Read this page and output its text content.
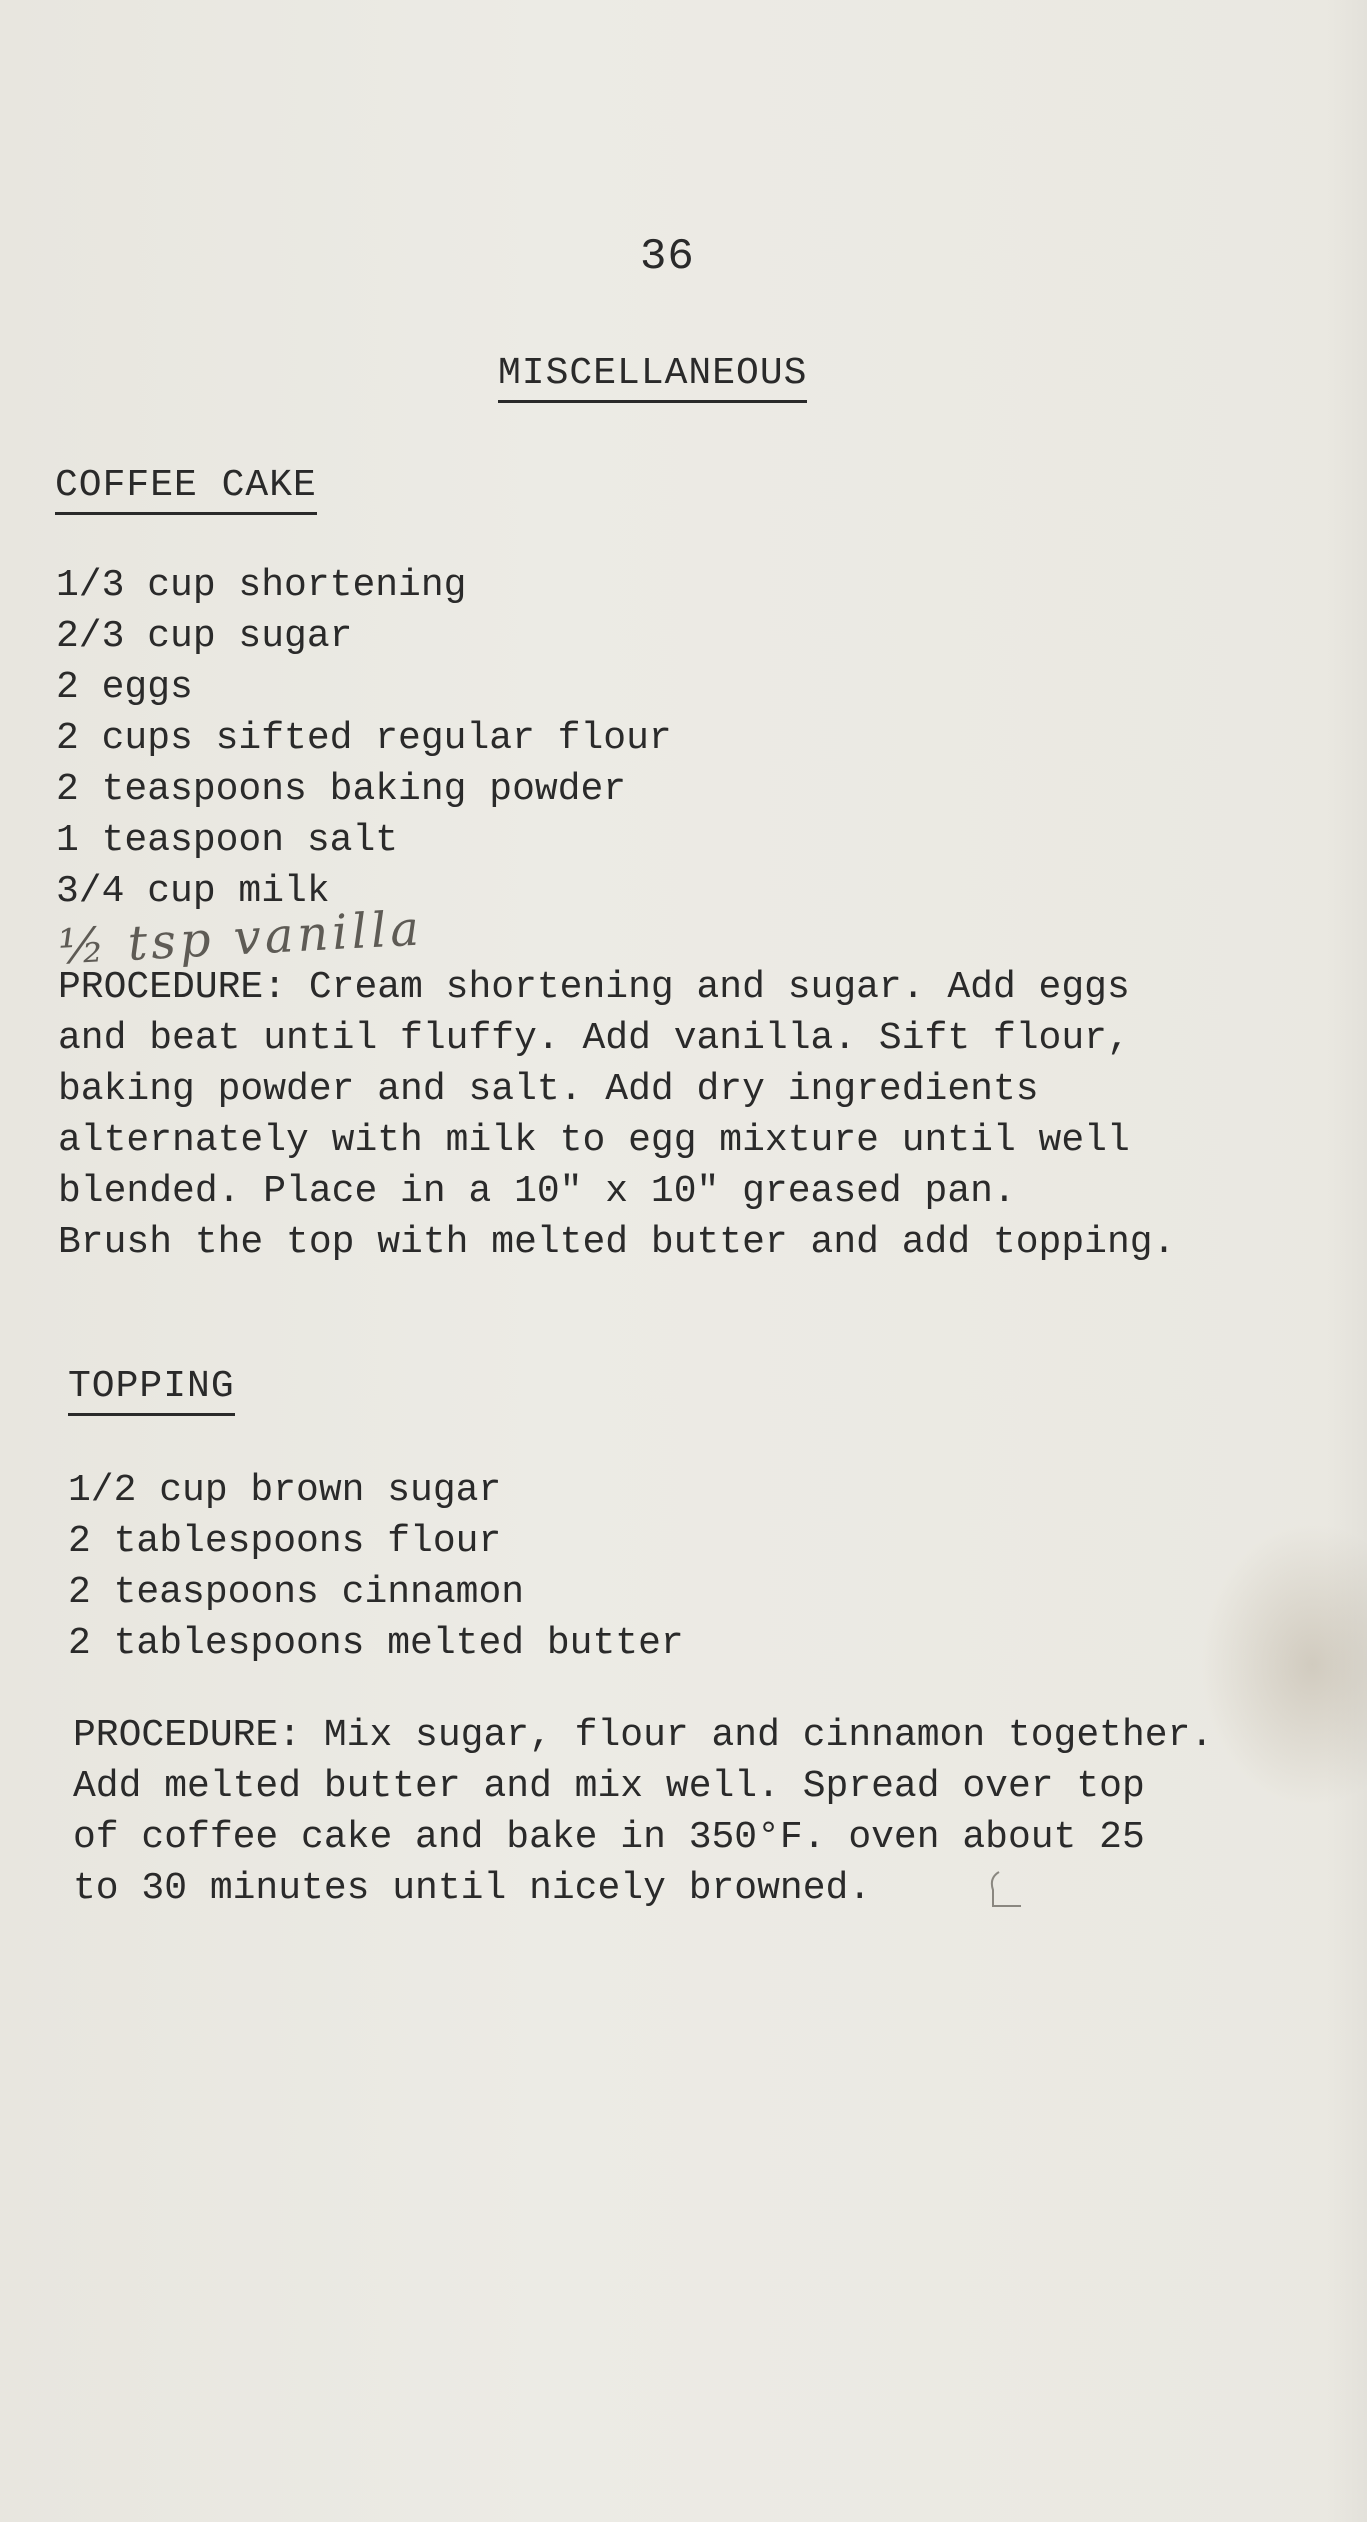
36
MISCELLANEOUS
COFFEE CAKE
1/3 cup shortening
2/3 cup sugar
2 eggs
2 cups sifted regular flour
2 teaspoons baking powder
1 teaspoon salt
3/4 cup milk
½ tsp vanilla
PROCEDURE: Cream shortening and sugar. Add eggs
and beat until fluffy. Add vanilla. Sift flour,
baking powder and salt. Add dry ingredients
alternately with milk to egg mixture until well
blended. Place in a 10" x 10" greased pan.
Brush the top with melted butter and add topping.
TOPPING
1/2 cup brown sugar
2 tablespoons flour
2 teaspoons cinnamon
2 tablespoons melted butter
PROCEDURE: Mix sugar, flour and cinnamon together.
Add melted butter and mix well. Spread over top
of coffee cake and bake in 350°F. oven about 25
to 30 minutes until nicely browned.
